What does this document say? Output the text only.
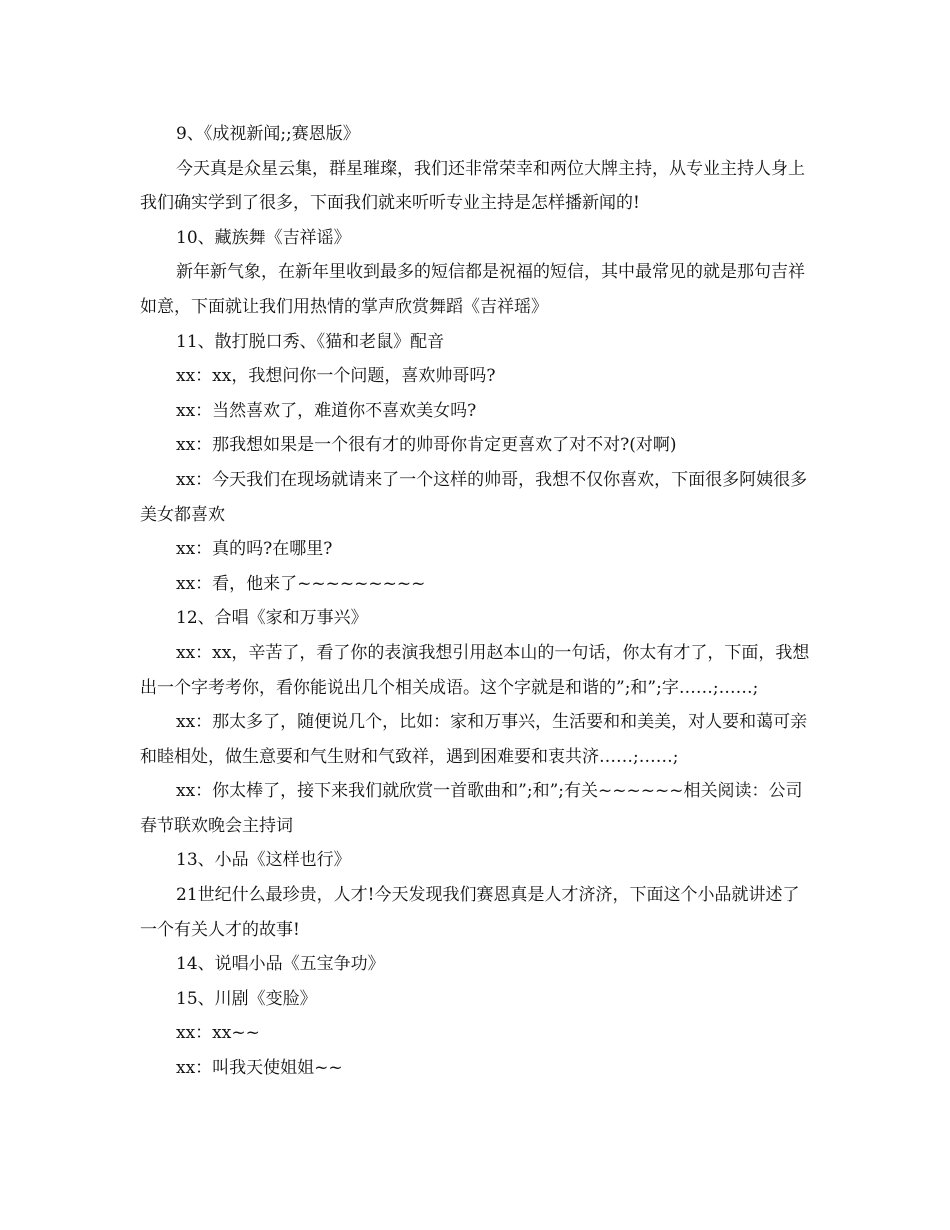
9、《成视新闻;;赛恩版》

今天真是众星云集，群星璀璨，我们还非常荣幸和两位大牌主持，从专业主持人身上我们确实学到了很多，下面我们就来听听专业主持是怎样播新闻的!

10、藏族舞《吉祥谣》

新年新气象，在新年里收到最多的短信都是祝福的短信，其中最常见的就是那句吉祥如意，下面就让我们用热情的掌声欣赏舞蹈《吉祥瑶》

11、散打脱口秀、《猫和老鼠》配音

xx：xx，我想问你一个问题，喜欢帅哥吗?

xx：当然喜欢了，难道你不喜欢美女吗?

xx：那我想如果是一个很有才的帅哥你肯定更喜欢了对不对?(对啊)

xx：今天我们在现场就请来了一个这样的帅哥，我想不仅你喜欢，下面很多阿姨很多美女都喜欢

xx：真的吗?在哪里?

xx：看，他来了~~~~~~~~~

12、合唱《家和万事兴》

xx：xx，辛苦了，看了你的表演我想引用赵本山的一句话，你太有才了，下面，我想出一个字考考你，看你能说出几个相关成语。这个字就是和谐的”;和”;字……;……;

xx：那太多了，随便说几个，比如：家和万事兴，生活要和和美美，对人要和蔼可亲和睦相处，做生意要和气生财和气致祥，遇到困难要和衷共济……;……;

xx：你太棒了，接下来我们就欣赏一首歌曲和”;和”;有关~~~~~~相关阅读：公司春节联欢晚会主持词

13、小品《这样也行》

21世纪什么最珍贵，人才!今天发现我们赛恩真是人才济济，下面这个小品就讲述了一个有关人才的故事!

14、说唱小品《五宝争功》

15、川剧《变脸》

xx：xx~~

xx：叫我天使姐姐~~
